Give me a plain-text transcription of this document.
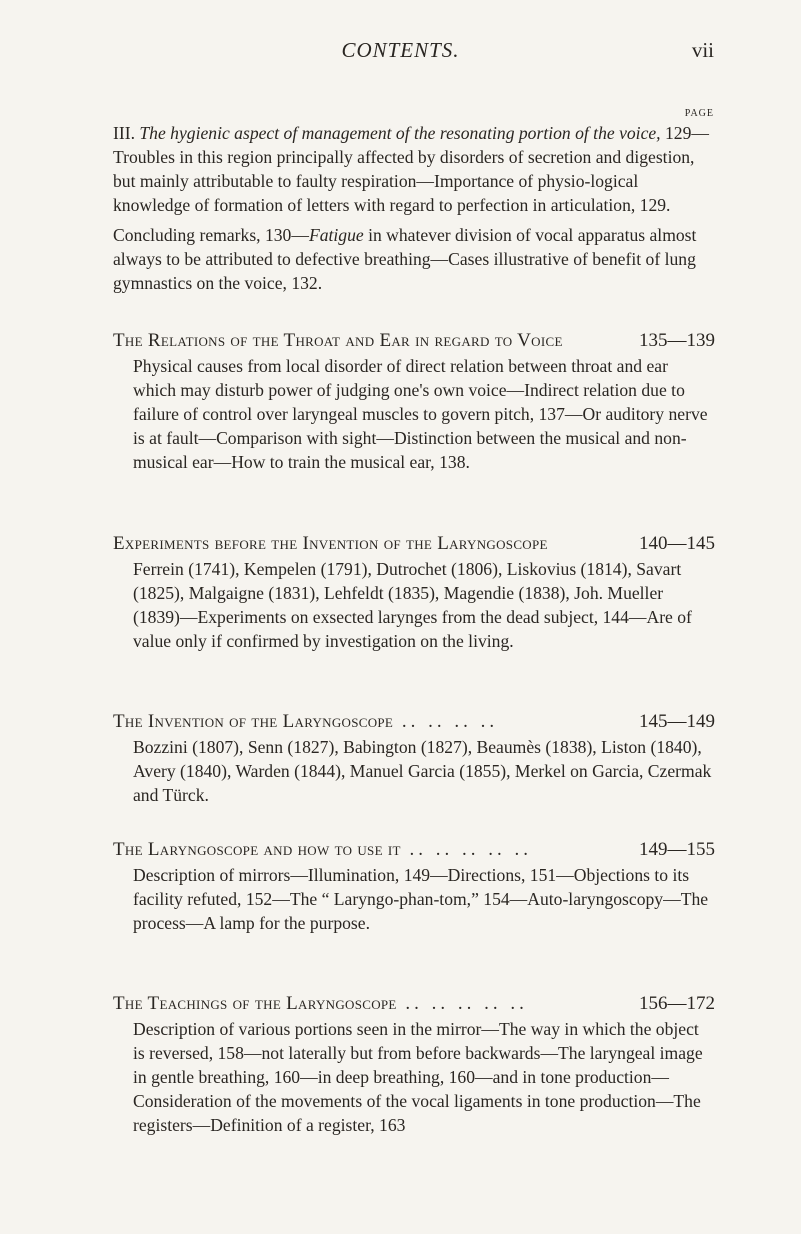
CONTENTS.	vii
PAGE

III. The hygienic aspect of management of the resonating portion of the voice, 129—Troubles in this region principally affected by disorders of secretion and digestion, but mainly attributable to faulty respiration—Importance of physio-logical knowledge of formation of letters with regard to perfection in articulation, 129.

Concluding remarks, 130—Fatigue in whatever division of vocal apparatus almost always to be attributed to defective breathing—Cases illustrative of benefit of lung gymnastics on the voice, 132.

The Relations of the Throat and Ear in regard to Voice

Physical causes from local disorder of direct relation between throat and ear which may disturb power of judging one's own voice—Indirect relation due to failure of control over laryngeal muscles to govern pitch, 137—Or auditory nerve is at fault—Comparison with sight—Distinction between the musical and non-musical ear—How to train the musical ear, 138.

135—139
Experiments before the Invention of the Laryngoscope

Ferrein (1741), Kempelen (1791), Dutrochet (1806), Liskovius (1814), Savart (1825), Malgaigne (1831), Lehfeldt (1835), Magendie (1838), Joh. Mueller (1839)—Experiments on exsected larynges from the dead subject, 144—Are of value only if confirmed by investigation on the living.

140—145
The Invention of the Laryngoscope .. .. .. ..

Bozzini (1807), Senn (1827), Babington (1827), Beaumès (1838), Liston (1840), Avery (1840), Warden (1844), Manuel Garcia (1855), Merkel on Garcia, Czermak and Türck.

145—149
The Laryngoscope and how to use it .. .. .. .. ..

Description of mirrors—Illumination, 149—Directions, 151—Objections to its facility refuted, 152—The “ Laryngo-phan-tom,” 154—Auto-laryngoscopy—The process—A lamp for the purpose.

149—155
The Teachings of the Laryngoscope .. .. .. .. ..

Description of various portions seen in the mirror—The way in which the object is reversed, 158—not laterally but from before backwards—The laryngeal image in gentle breathing, 160—in deep breathing, 160—and in tone production—Consideration of the movements of the vocal ligaments in tone production—The registers—Definition of a register, 163

156—172
